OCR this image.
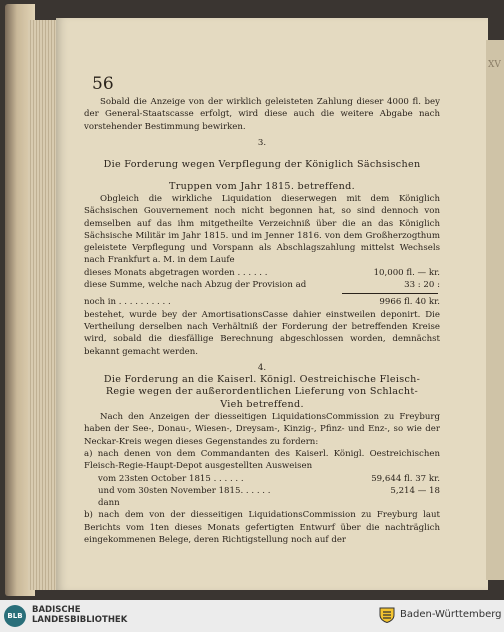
XV
56

Sobald die Anzeige von der wirklich geleisteten Zahlung dieser 4000 fl. bey der General-Staatscasse erfolgt, wird diese auch die weitere Abgabe nach vorstehender Bestimmung bewirken.

3.

Die Forderung wegen Verpflegung der Königlich Sächsischen

Truppen vom Jahr 1815. betreffend.

Obgleich die wirkliche Liquidation dieserwegen mit dem Königlich Sächsischen Gouvernement noch nicht begonnen hat, so sind dennoch von demselben auf das ihm mitgetheilte Verzeichniß über die an das Königlich Sächsische Militär im Jahr 1815. und im Jenner 1816. von dem Großherzogthum geleistete Verpflegung und Vorspann als Abschlagszahlung mittelst Wechsels nach Frankfurt a. M. in dem Laufe

dieses Monats abgetragen worden . . . . . .	10,000 fl. — kr.
diese Summe, welche nach Abzug der Provision ad	33 : 20 :
noch in . . . . . . . . . .	9966 fl. 40 kr.

bestehet, wurde bey der AmortisationsCasse dahier einstweilen deponirt. Die Vertheilung derselben nach Verhältniß der Forderung der betreffenden Kreise wird, sobald die diesfällige Berechnung abgeschlossen worden, demnächst bekannt gemacht werden.

4.

Die Forderung an die Kaiserl. Königl. Oestreichische Fleisch-

Regie wegen der außerordentlichen Lieferung von Schlacht-

Vieh betreffend.

Nach den Anzeigen der diesseitigen LiquidationsCommission zu Freyburg haben der See-, Donau-, Wiesen-, Dreysam-, Kinzig-, Pfinz- und Enz-, so wie der Neckar-Kreis wegen dieses Gegenstandes zu fordern:

a) nach denen von dem Commandanten des Kaiserl. Königl. Oestreichischen Fleisch-Regie-Haupt-Depot ausgestellten Ausweisen

vom 23sten October 1815 . . . . . .	59,644 fl. 37 kr.
und vom 30sten November 1815. . . . . .	5,214 — 18

dann

b) nach dem von der diesseitigen LiquidationsCommission zu Freyburg laut Berichts vom 1ten dieses Monats gefertigten Entwurf über die nachträglich eingekommenen Belege, deren Richtigstellung noch auf der

BLB
BADISCHE
LANDESBIBLIOTHEK	Baden-Württemberg
